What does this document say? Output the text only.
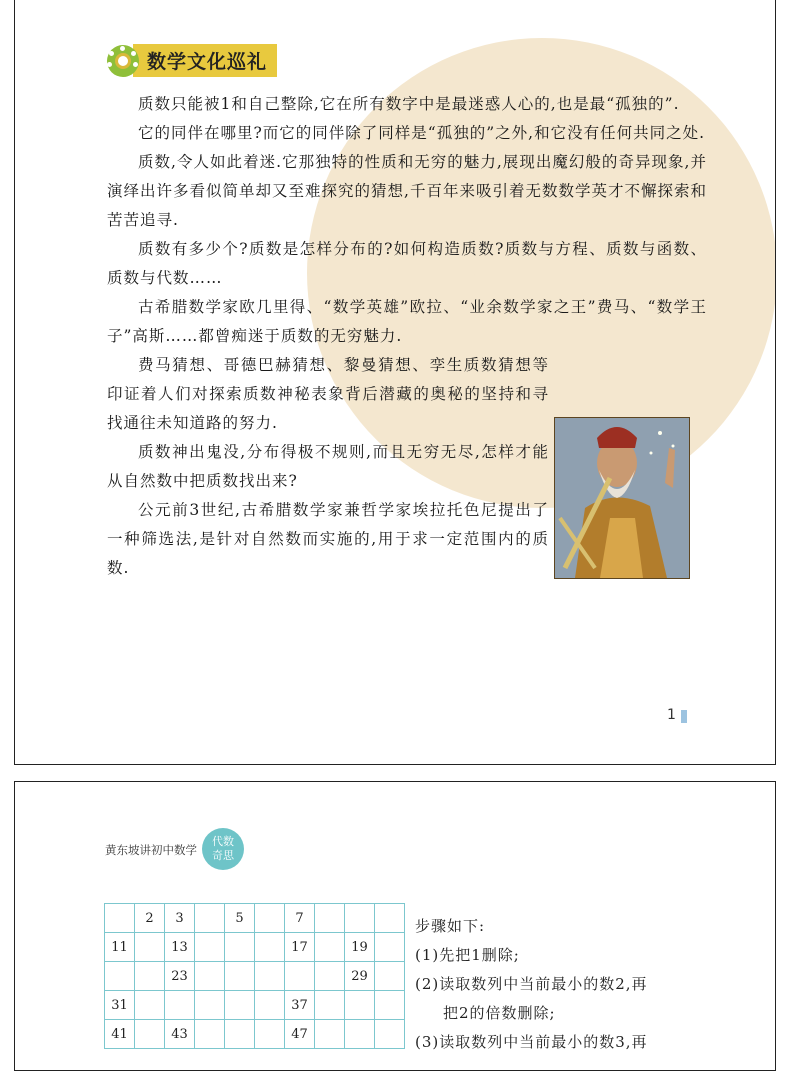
数学文化巡礼

质数只能被1和自己整除,它在所有数字中是最迷惑人心的,也是最“孤独的”.

它的同伴在哪里?而它的同伴除了同样是“孤独的”之外,和它没有任何共同之处.

质数,令人如此着迷.它那独特的性质和无穷的魅力,展现出魔幻般的奇异现象,并演绎出许多看似简单却又至难探究的猜想,千百年来吸引着无数数学英才不懈探索和苦苦追寻.

质数有多少个?质数是怎样分布的?如何构造质数?质数与方程、质数与函数、质数与代数……

古希腊数学家欧几里得、“数学英雄”欧拉、“业余数学家之王”费马、“数学王子”高斯……都曾痴迷于质数的无穷魅力.

费马猜想、哥德巴赫猜想、黎曼猜想、孪生质数猜想等印证着人们对探索质数神秘表象背后潜藏的奥秘的坚持和寻找通往未知道路的努力.

质数神出鬼没,分布得极不规则,而且无穷无尽,怎样才能从自然数中把质数找出来?

公元前3世纪,古希腊数学家兼哲学家埃拉托色尼提出了一种筛选法,是针对自然数而实施的,用于求一定范围内的质数.

1
黄东坡讲初中数学
代数
奇思
	2	3		5		7			
11		13				17		19	
		23						29	
31						37			
41		43				47			
步骤如下:
(1)先把1删除;
(2)读取数列中当前最小的数2,再
把2的倍数删除;
(3)读取数列中当前最小的数3,再
